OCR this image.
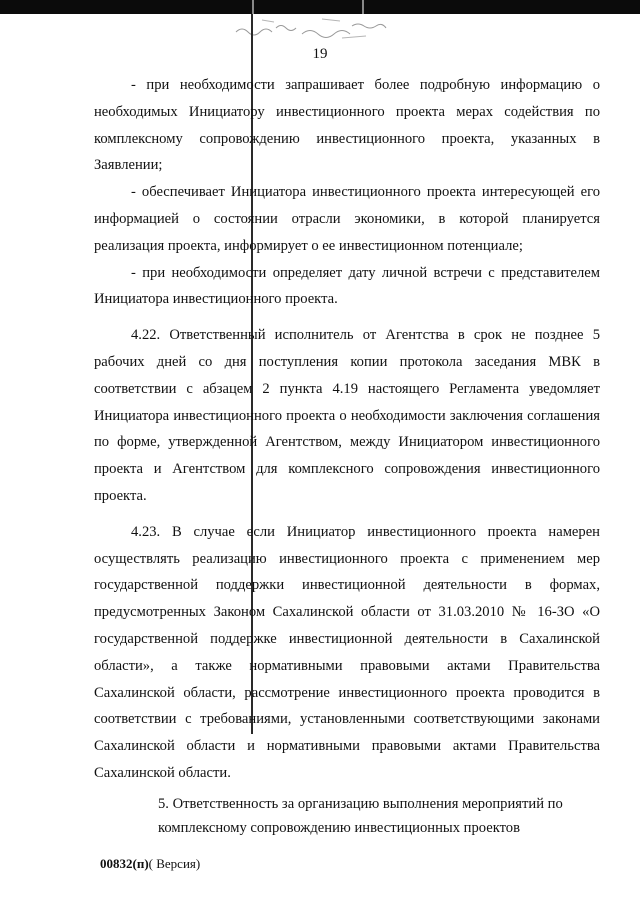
19

- при необходимости запрашивает более подробную информацию о необходимых Инициатору инвестиционного проекта мерах содействия по комплексному сопровождению инвестиционного проекта, указанных в Заявлении;

- обеспечивает Инициатора инвестиционного проекта интересующей его информацией о состоянии отрасли экономики, в которой планируется реализация проекта, информирует о ее инвестиционном потенциале;

- при необходимости определяет дату личной встречи с представителем Инициатора инвестиционного проекта.

4.22. Ответственный исполнитель от Агентства в срок не позднее 5 рабочих дней со дня поступления копии протокола заседания МВК в соответствии с абзацем 2 пункта 4.19 настоящего Регламента уведомляет Инициатора инвестиционного проекта о необходимости заключения соглашения по форме, утвержденной Агентством, между Инициатором инвестиционного проекта и Агентством для комплексного сопровождения инвестиционного проекта.

4.23. В случае если Инициатор инвестиционного проекта намерен осуществлять реализацию инвестиционного проекта с применением мер государственной поддержки инвестиционной деятельности в формах, предусмотренных Законом Сахалинской области от 31.03.2010 № 16-ЗО «О государственной поддержке инвестиционной деятельности в Сахалинской области», а также нормативными правовыми актами Правительства Сахалинской области, рассмотрение инвестиционного проекта проводится в соответствии с требованиями, установленными соответствующими законами Сахалинской области и нормативными правовыми актами Правительства Сахалинской области.

5. Ответственность за организацию выполнения мероприятий по
комплексному сопровождению инвестиционных проектов
00832(п)( Версия)
